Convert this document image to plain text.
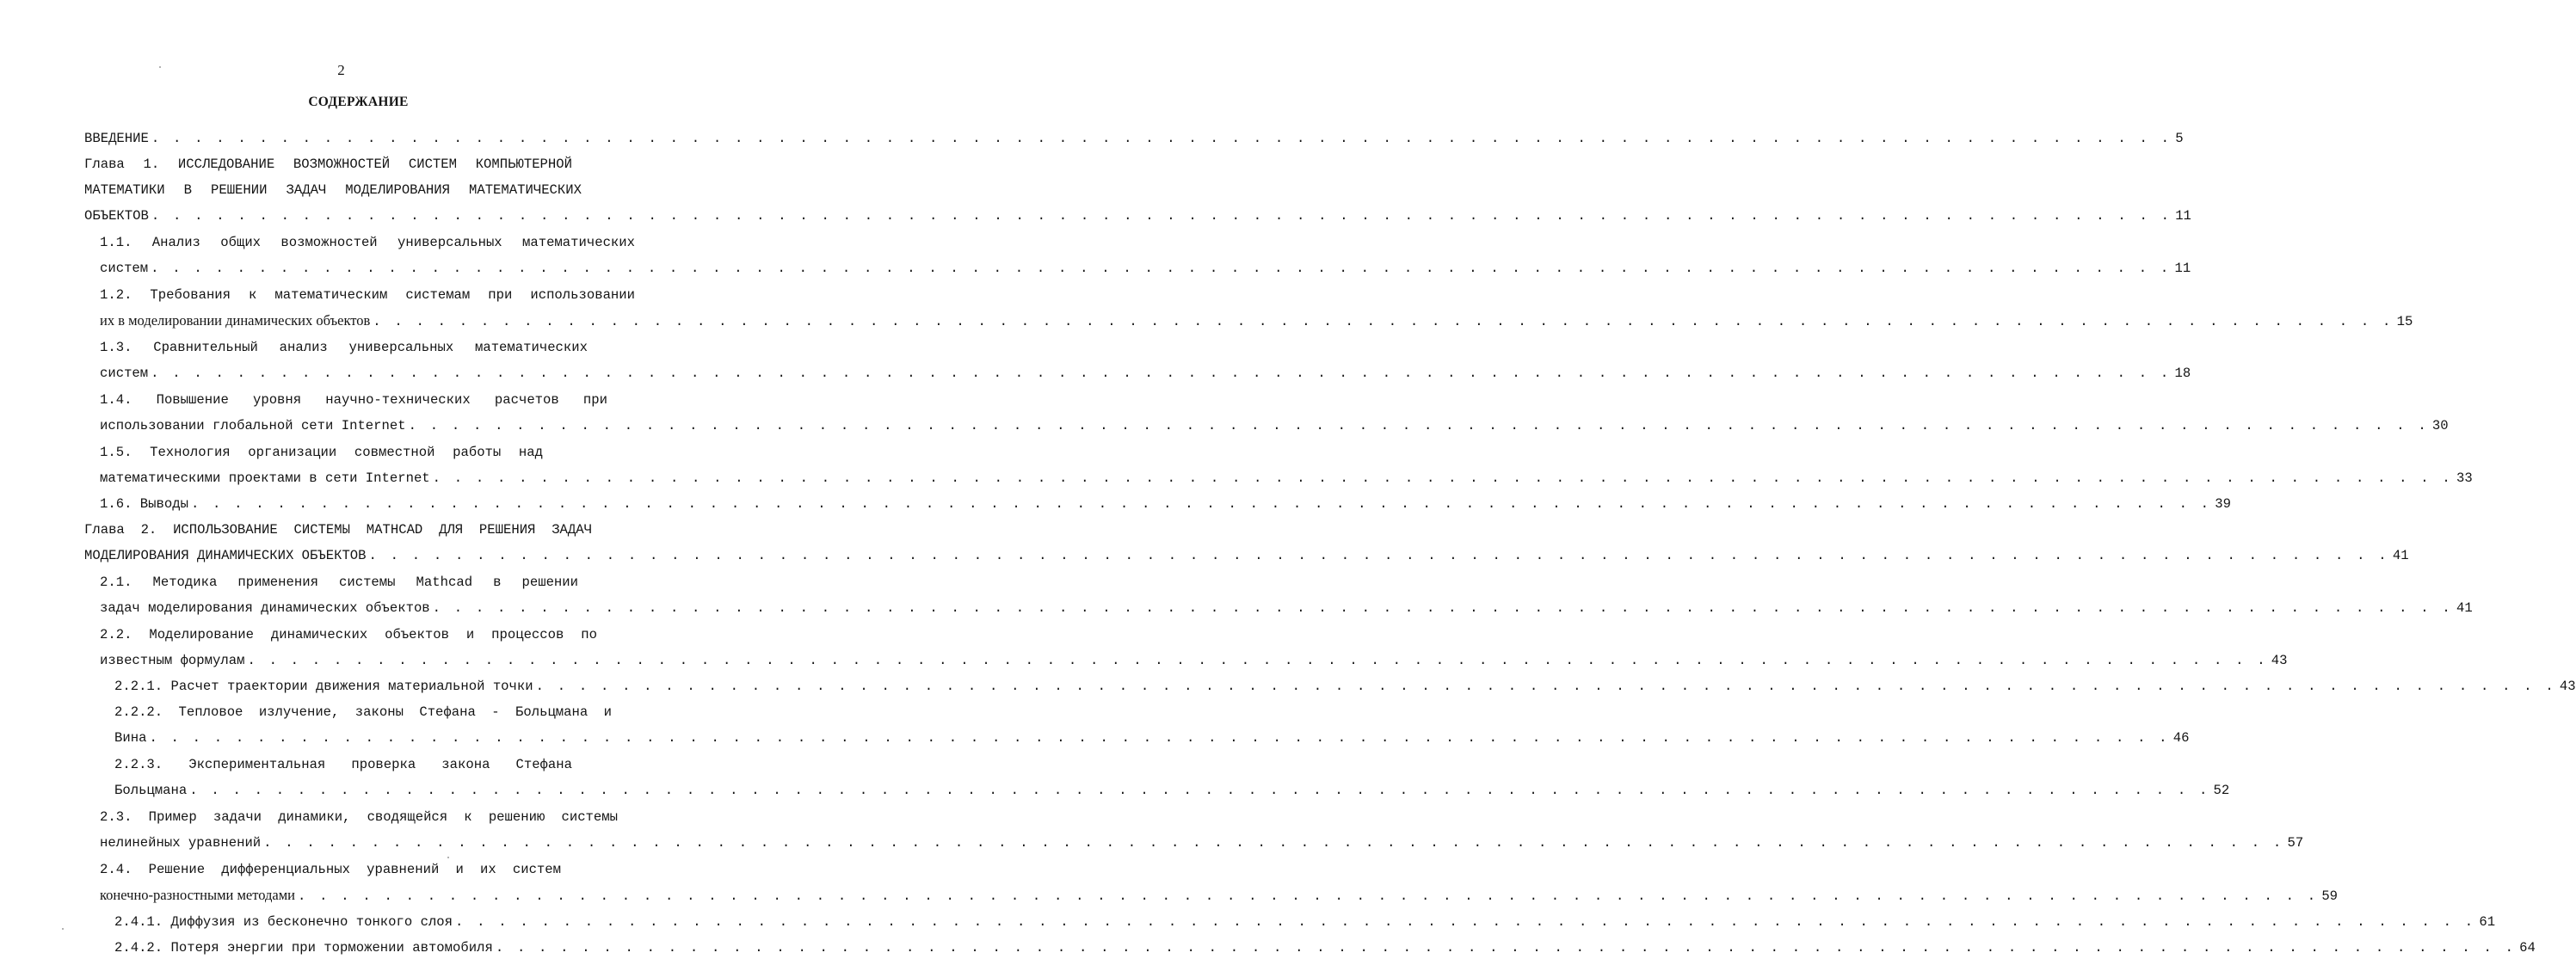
2
СОДЕРЖАНИЕ
ВВЕДЕНИЕ . . . . . . . . . . . . . . . . . . . . . . . . . . . . . . . . . . . . . . . . . . . . . . . . . . . . . . . . . . . . . . . . . . . . . . . . . . . . . . . . . . . . . . . . . . . . . . 5
Глава 1. ИССЛЕДОВАНИЕ ВОЗМОЖНОСТЕЙ СИСТЕМ КОМПЬЮТЕРНОЙ
МАТЕМАТИКИ В РЕШЕНИИ ЗАДАЧ МОДЕЛИРОВАНИЯ МАТЕМАТИЧЕСКИХ
ОБЪЕКТОВ . . . . . . . . . . . . . . . . . . . . . . . . . . . . . . . . . . . . . . . . . . . . . . . . . . . . . . . . . . . . . . . . . . . . . . . . . . . . . . . . . . . . . . . . . . . . . . 11
1.1. Анализ общих возможностей универсальных математических
систем . . . . . . . . . . . . . . . . . . . . . . . . . . . . . . . . . . . . . . . . . . . . . . . . . . . . . . . . . . . . . . . . . . . . . . . . . . . . . . . . . . . . . . . . . . . . . . 11
1.2. Требования к математическим системам при использовании
их в моделировании динамических объектов . . . . . . . . . . . . . . . . . . . . . . . . . . . . . . . . . . . . . . . . . . . . . . . . . . . . . . . . . . . . . . . . . . . . . . . . . . . . . . . . . . . . . . . . . . . . . . 15
1.3. Сравнительный анализ универсальных математических
систем . . . . . . . . . . . . . . . . . . . . . . . . . . . . . . . . . . . . . . . . . . . . . . . . . . . . . . . . . . . . . . . . . . . . . . . . . . . . . . . . . . . . . . . . . . . . . . 18
1.4. Повышение уровня научно-технических расчетов при
использовании глобальной сети Internet . . . . . . . . . . . . . . . . . . . . . . . . . . . . . . . . . . . . . . . . . . . . . . . . . . . . . . . . . . . . . . . . . . . . . . . . . . . . . . . . . . . . . . . . . . . . . . 30
1.5. Технология организации совместной работы над
математическими проектами в сети Internet . . . . . . . . . . . . . . . . . . . . . . . . . . . . . . . . . . . . . . . . . . . . . . . . . . . . . . . . . . . . . . . . . . . . . . . . . . . . . . . . . . . . . . . . . . . . . . 33
1.6. Выводы . . . . . . . . . . . . . . . . . . . . . . . . . . . . . . . . . . . . . . . . . . . . . . . . . . . . . . . . . . . . . . . . . . . . . . . . . . . . . . . . . . . . . . . . . . . . . . 39
Глава 2. ИСПОЛЬЗОВАНИЕ СИСТЕМЫ MATHCAD ДЛЯ РЕШЕНИЯ ЗАДАЧ
МОДЕЛИРОВАНИЯ ДИНАМИЧЕСКИХ ОБЪЕКТОВ . . . . . . . . . . . . . . . . . . . . . . . . . . . . . . . . . . . . . . . . . . . . . . . . . . . . . . . . . . . . . . . . . . . . . . . . . . . . . . . . . . . . . . . . . . . . . . 41
2.1. Методика применения системы Mathcad в решении
задач моделирования динамических объектов . . . . . . . . . . . . . . . . . . . . . . . . . . . . . . . . . . . . . . . . . . . . . . . . . . . . . . . . . . . . . . . . . . . . . . . . . . . . . . . . . . . . . . . . . . . . . . 41
2.2. Моделирование динамических объектов и процессов по
известным формулам . . . . . . . . . . . . . . . . . . . . . . . . . . . . . . . . . . . . . . . . . . . . . . . . . . . . . . . . . . . . . . . . . . . . . . . . . . . . . . . . . . . . . . . . . . . . . . 43
2.2.1. Расчет траектории движения материальной точки . . . . . . . . . . . . . . . . . . . . . . . . . . . . . . . . . . . . . . . . . . . . . . . . . . . . . . . . . . . . . . . . . . . . . . . . . . . . . . . . . . . . . . . . . . . . . . 43
2.2.2. Тепловое излучение, законы Стефана - Больцмана и
Вина . . . . . . . . . . . . . . . . . . . . . . . . . . . . . . . . . . . . . . . . . . . . . . . . . . . . . . . . . . . . . . . . . . . . . . . . . . . . . . . . . . . . . . . . . . . . . . 46
2.2.3. Экспериментальная проверка закона Стефана
Больцмана . . . . . . . . . . . . . . . . . . . . . . . . . . . . . . . . . . . . . . . . . . . . . . . . . . . . . . . . . . . . . . . . . . . . . . . . . . . . . . . . . . . . . . . . . . . . . . 52
2.3. Пример задачи динамики, сводящейся к решению системы
нелинейных уравнений . . . . . . . . . . . . . . . . . . . . . . . . . . . . . . . . . . . . . . . . . . . . . . . . . . . . . . . . . . . . . . . . . . . . . . . . . . . . . . . . . . . . . . . . . . . . . . 57
2.4. Решение дифференциальных уравнений и их систем
конечно-разностными методами . . . . . . . . . . . . . . . . . . . . . . . . . . . . . . . . . . . . . . . . . . . . . . . . . . . . . . . . . . . . . . . . . . . . . . . . . . . . . . . . . . . . . . . . . . . . . . 59
2.4.1. Диффузия из бесконечно тонкого слоя . . . . . . . . . . . . . . . . . . . . . . . . . . . . . . . . . . . . . . . . . . . . . . . . . . . . . . . . . . . . . . . . . . . . . . . . . . . . . . . . . . . . . . . . . . . . . . 61
2.4.2. Потеря энергии при торможении автомобиля . . . . . . . . . . . . . . . . . . . . . . . . . . . . . . . . . . . . . . . . . . . . . . . . . . . . . . . . . . . . . . . . . . . . . . . . . . . . . . . . . . . . . . . . . . . . . . 64
